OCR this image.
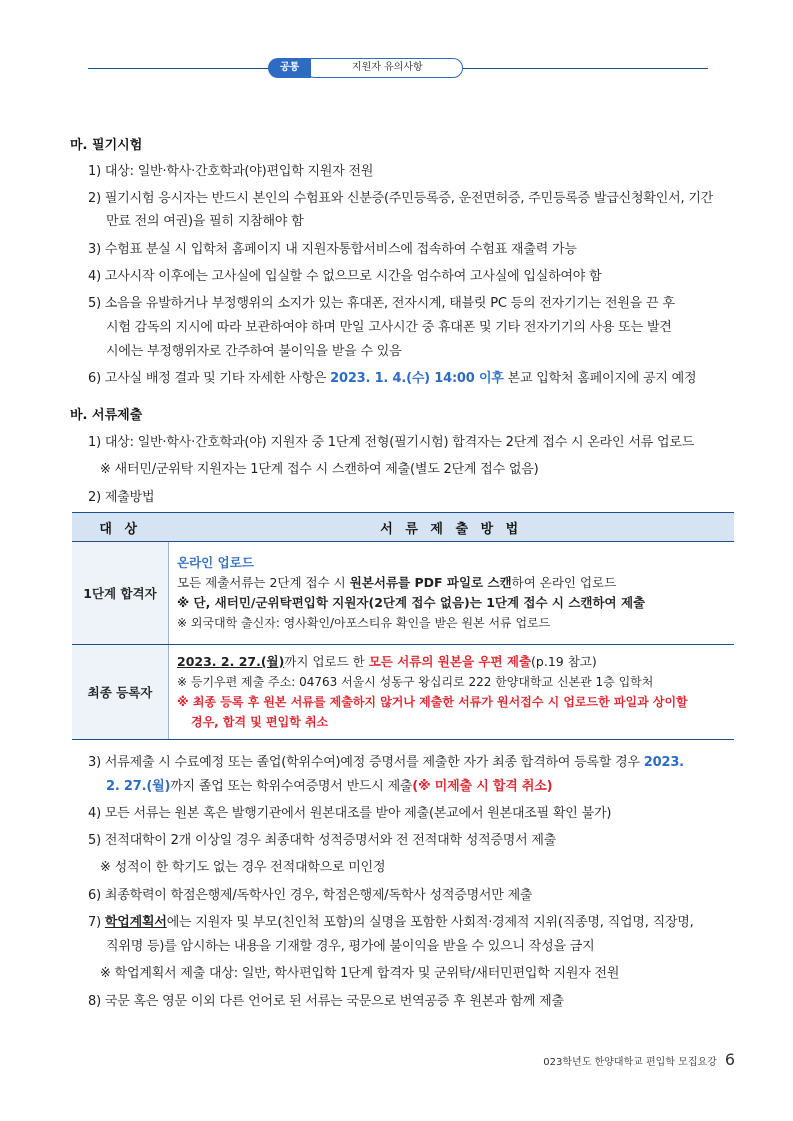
공통	지원자 유의사항
마. 필기시험
1) 대상: 일반·학사·간호학과(야)편입학 지원자 전원
2) 필기시험 응시자는 반드시 본인의 수험표와 신분증(주민등록증, 운전면허증, 주민등록증 발급신청확인서, 기간
만료 전의 여권)을 필히 지참해야 함
3) 수험표 분실 시 입학처 홈페이지 내 지원자통합서비스에 접속하여 수험표 재출력 가능
4) 고사시작 이후에는 고사실에 입실할 수 없으므로 시간을 엄수하여 고사실에 입실하여야 함
5) 소음을 유발하거나 부정행위의 소지가 있는 휴대폰, 전자시계, 태블릿 PC 등의 전자기기는 전원을 끈 후
시험 감독의 지시에 따라 보관하여야 하며 만일 고사시간 중 휴대폰 및 기타 전자기기의 사용 또는 발견
시에는 부정행위자로 간주하여 불이익을 받을 수 있음
6) 고사실 배정 결과 및 기타 자세한 사항은 2023. 1. 4.(수) 14:00 이후 본교 입학처 홈페이지에 공지 예정
바. 서류제출
1) 대상: 일반·학사·간호학과(야) 지원자 중 1단계 전형(필기시험) 합격자는 2단계 접수 시 온라인 서류 업로드
※ 새터민/군위탁 지원자는 1단계 접수 시 스캔하여 제출(별도 2단계 접수 없음)
2) 제출방법
대 상	서 류 제 출 방 법
1단계 합격자	온라인 업로드
모든 제출서류는 2단계 접수 시 원본서류를 PDF 파일로 스캔하여 온라인 업로드
※ 단, 새터민/군위탁편입학 지원자(2단계 접수 없음)는 1단계 접수 시 스캔하여 제출
※ 외국대학 출신자: 영사확인/아포스티유 확인을 받은 원본 서류 업로드

최종 등록자	2023. 2. 27.(월)까지 업로드 한 모든 서류의 원본을 우편 제출(p.19 참고)
※ 등기우편 제출 주소: 04763 서울시 성동구 왕십리로 222 한양대학교 신본관 1층 입학처
※ 최종 등록 후 원본 서류를 제출하지 않거나 제출한 서류가 원서접수 시 업로드한 파일과 상이할
경우, 합격 및 편입학 취소
3) 서류제출 시 수료예정 또는 졸업(학위수여)예정 증명서를 제출한 자가 최종 합격하여 등록할 경우 2023.
2. 27.(월)까지 졸업 또는 학위수여증명서 반드시 제출(※ 미제출 시 합격 취소)
4) 모든 서류는 원본 혹은 발행기관에서 원본대조를 받아 제출(본교에서 원본대조필 확인 불가)
5) 전적대학이 2개 이상일 경우 최종대학 성적증명서와 전 전적대학 성적증명서 제출
※ 성적이 한 학기도 없는 경우 전적대학으로 미인정
6) 최종학력이 학점은행제/독학사인 경우, 학점은행제/독학사 성적증명서만 제출
7) 학업계획서에는 지원자 및 부모(친인척 포함)의 실명을 포함한 사회적·경제적 지위(직종명, 직업명, 직장명,
직위명 등)를 암시하는 내용을 기재할 경우, 평가에 불이익을 받을 수 있으니 작성을 금지
※ 학업계획서 제출 대상: 일반, 학사편입학 1단계 합격자 및 군위탁/새터민편입학 지원자 전원
8) 국문 혹은 영문 이외 다른 언어로 된 서류는 국문으로 번역공증 후 원본과 함께 제출
023학년도 한양대학교 편입학 모집요강 6
